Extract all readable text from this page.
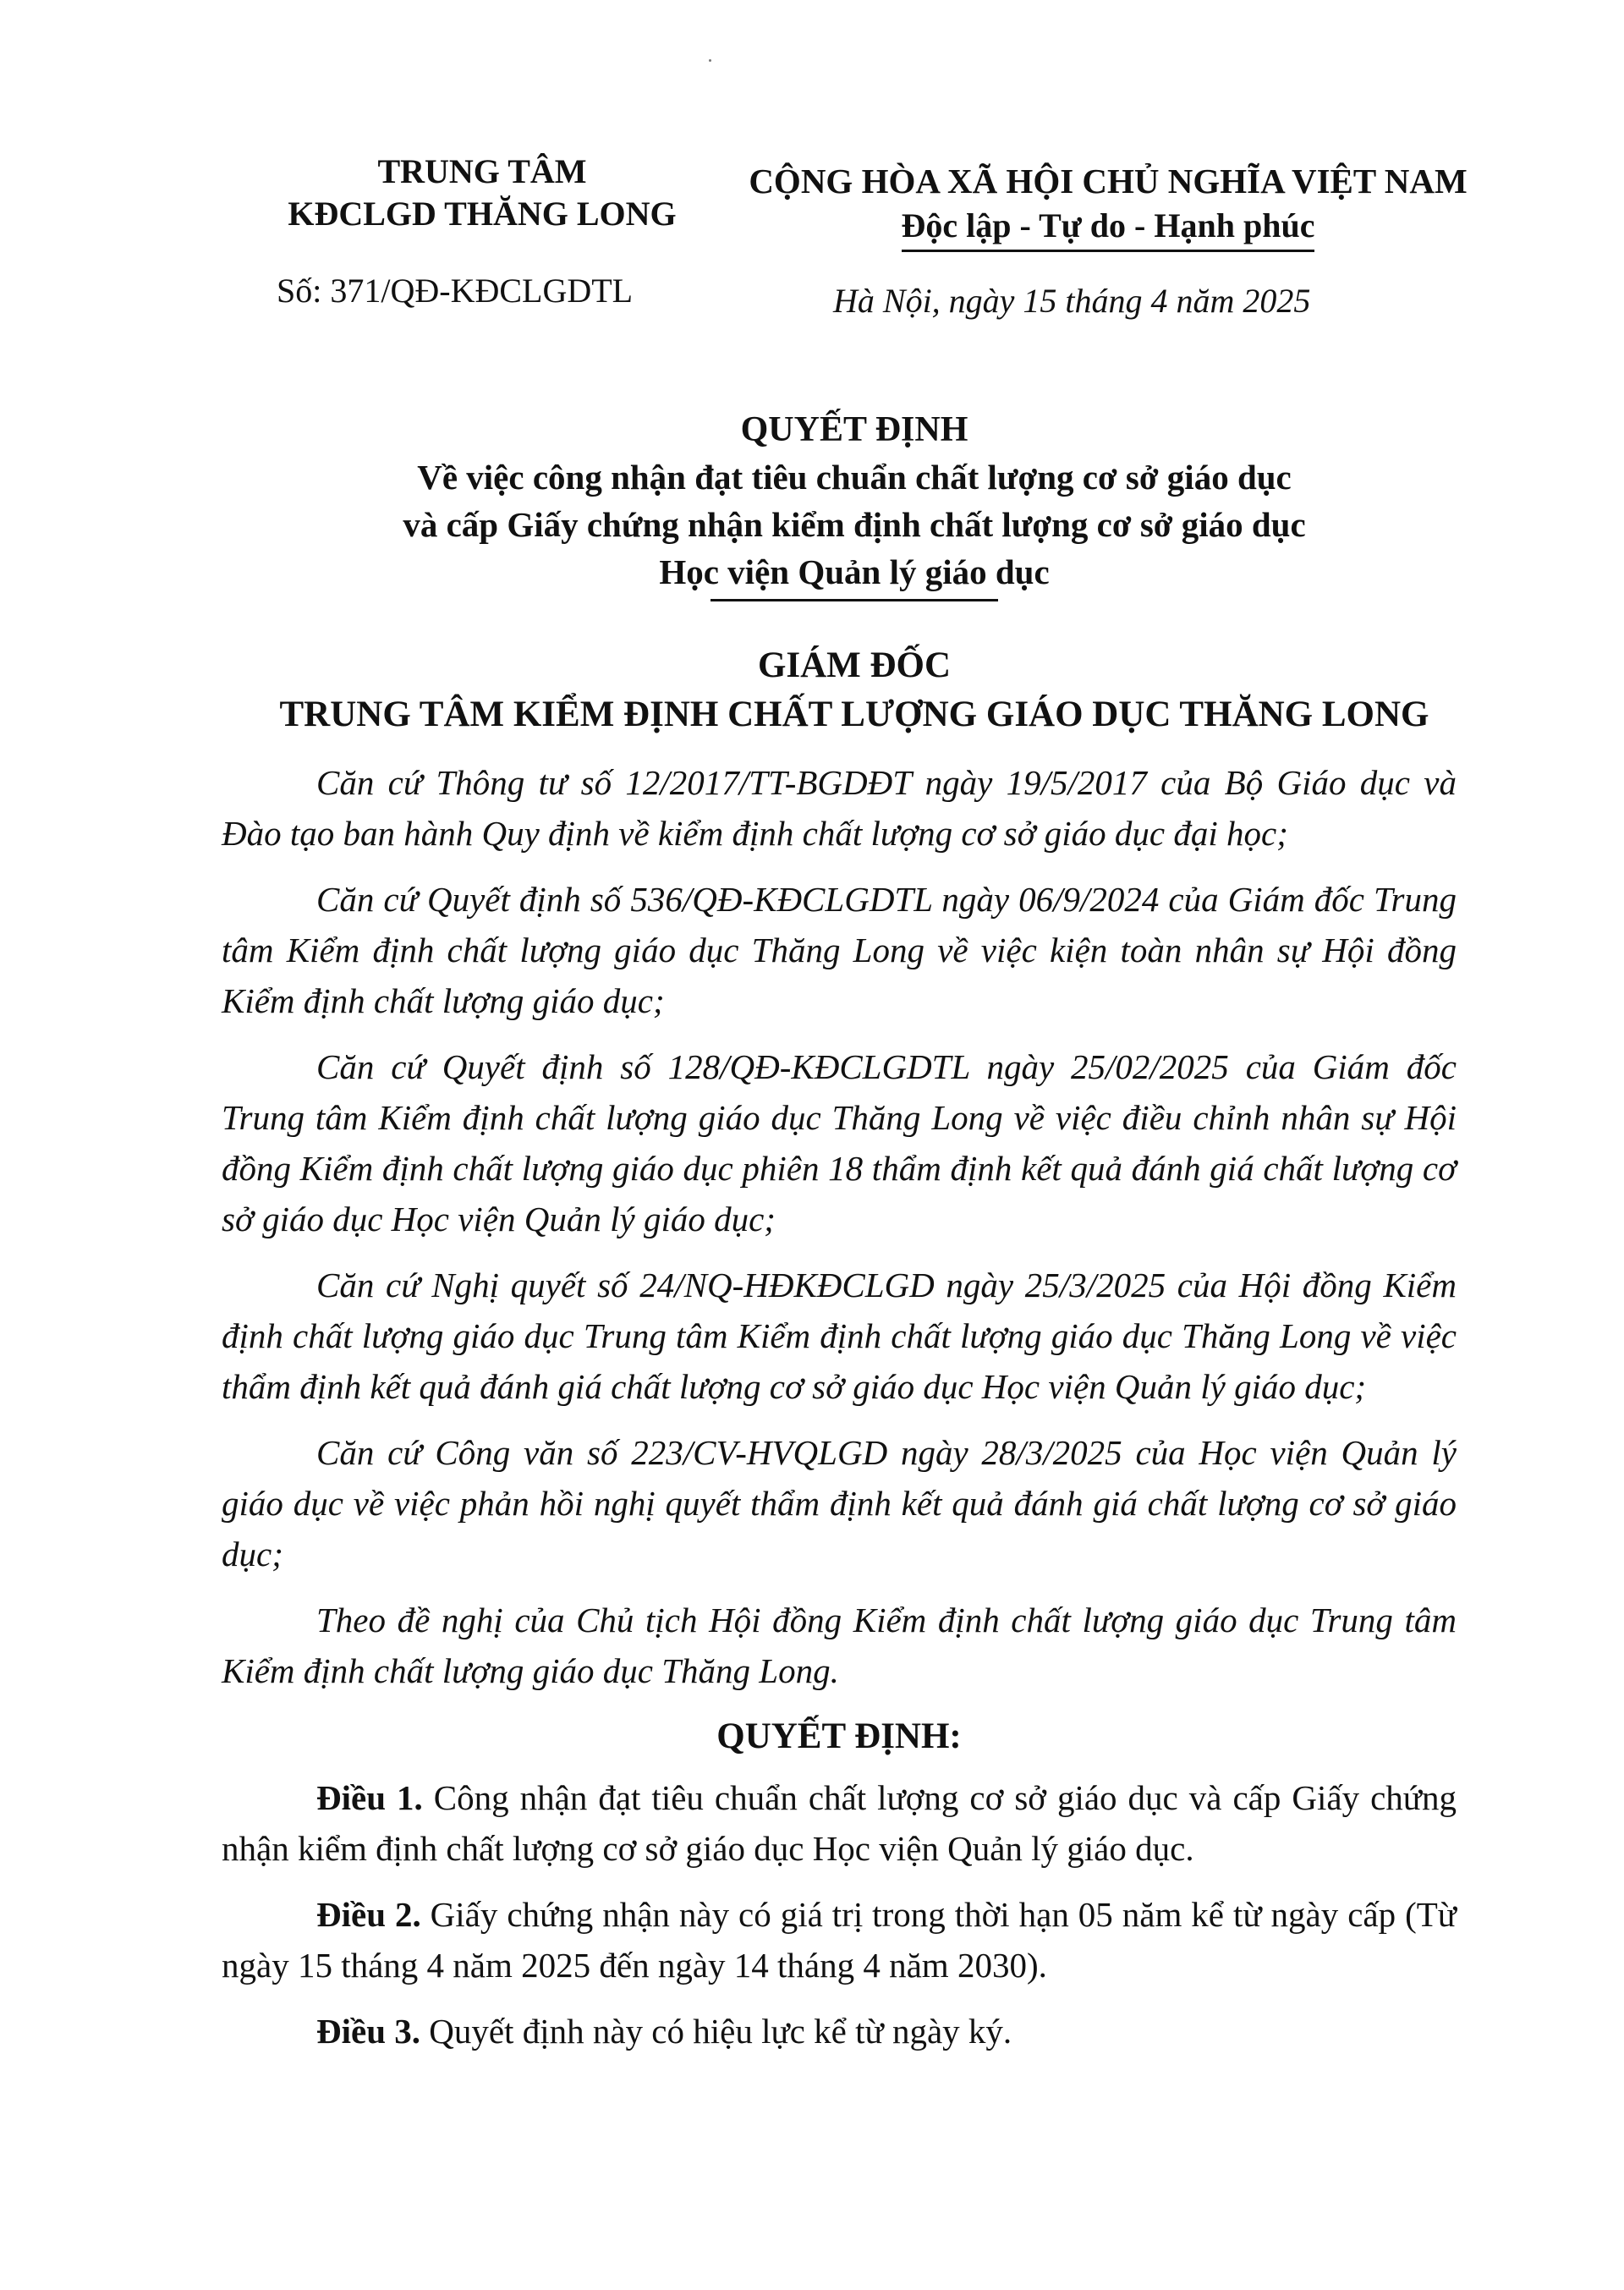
TRUNG TÂM
KĐCLGD THĂNG LONG
CỘNG HÒA XÃ HỘI CHỦ NGHĨA VIỆT NAM
Độc lập - Tự do - Hạnh phúc
Số: 371/QĐ-KĐCLGDTL	Hà Nội, ngày 15 tháng 4 năm 2025
QUYẾT ĐỊNH
Về việc công nhận đạt tiêu chuẩn chất lượng cơ sở giáo dục
và cấp Giấy chứng nhận kiểm định chất lượng cơ sở giáo dục
Học viện Quản lý giáo dục
GIÁM ĐỐC
TRUNG TÂM KIỂM ĐỊNH CHẤT LƯỢNG GIÁO DỤC THĂNG LONG

Căn cứ Thông tư số 12/2017/TT-BGDĐT ngày 19/5/2017 của Bộ Giáo dục và Đào tạo ban hành Quy định về kiểm định chất lượng cơ sở giáo dục đại học;

Căn cứ Quyết định số 536/QĐ-KĐCLGDTL ngày 06/9/2024 của Giám đốc Trung tâm Kiểm định chất lượng giáo dục Thăng Long về việc kiện toàn nhân sự Hội đồng Kiểm định chất lượng giáo dục;

Căn cứ Quyết định số 128/QĐ-KĐCLGDTL ngày 25/02/2025 của Giám đốc Trung tâm Kiểm định chất lượng giáo dục Thăng Long về việc điều chỉnh nhân sự Hội đồng Kiểm định chất lượng giáo dục phiên 18 thẩm định kết quả đánh giá chất lượng cơ sở giáo dục Học viện Quản lý giáo dục;

Căn cứ Nghị quyết số 24/NQ-HĐKĐCLGD ngày 25/3/2025 của Hội đồng Kiểm định chất lượng giáo dục Trung tâm Kiểm định chất lượng giáo dục Thăng Long về việc thẩm định kết quả đánh giá chất lượng cơ sở giáo dục Học viện Quản lý giáo dục;

Căn cứ Công văn số 223/CV-HVQLGD ngày 28/3/2025 của Học viện Quản lý giáo dục về việc phản hồi nghị quyết thẩm định kết quả đánh giá chất lượng cơ sở giáo dục;

Theo đề nghị của Chủ tịch Hội đồng Kiểm định chất lượng giáo dục Trung tâm Kiểm định chất lượng giáo dục Thăng Long.

QUYẾT ĐỊNH:

Điều 1. Công nhận đạt tiêu chuẩn chất lượng cơ sở giáo dục và cấp Giấy chứng nhận kiểm định chất lượng cơ sở giáo dục Học viện Quản lý giáo dục.

Điều 2. Giấy chứng nhận này có giá trị trong thời hạn 05 năm kể từ ngày cấp (Từ ngày 15 tháng 4 năm 2025 đến ngày 14 tháng 4 năm 2030).

Điều 3. Quyết định này có hiệu lực kể từ ngày ký.
